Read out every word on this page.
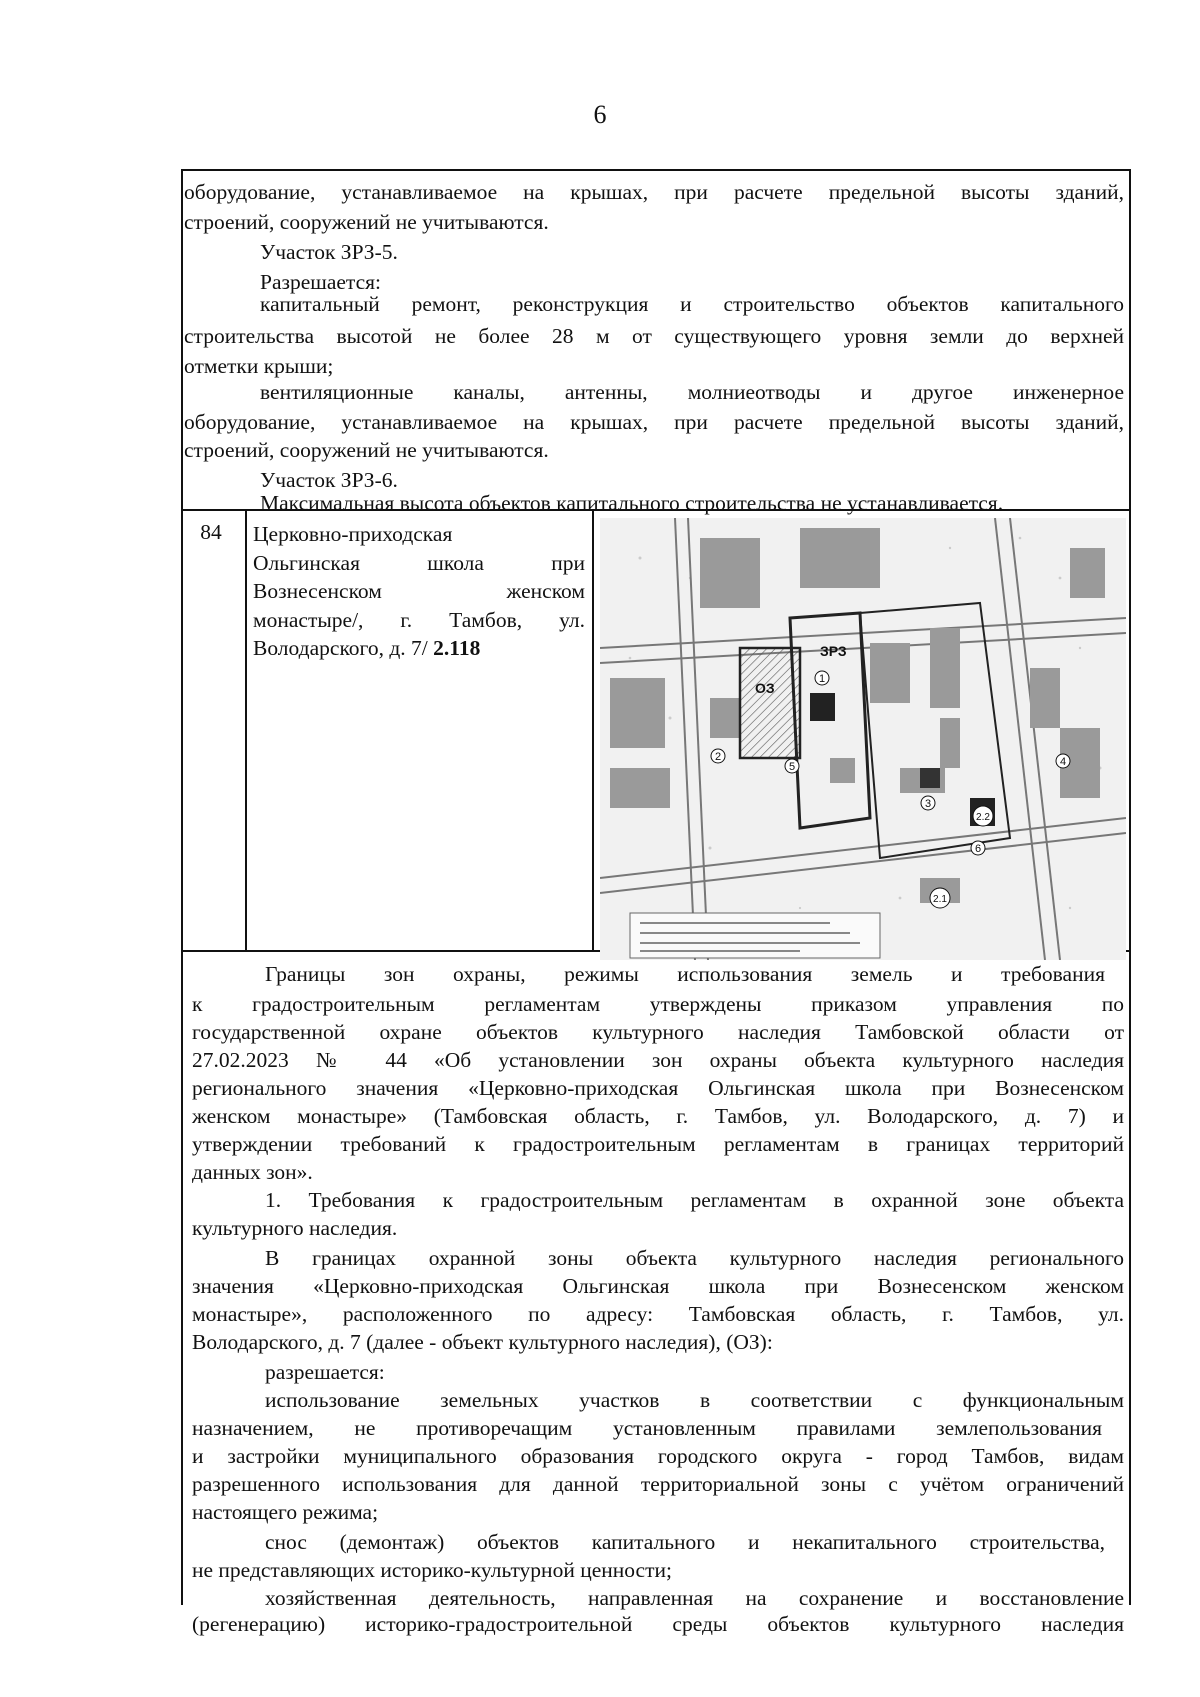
6

оборудование, устанавливаемое на крышах, при расчете предельной высоты зданий,

строений, сооружений не учитываются.

Участок ЗРЗ-5.

Разрешается:

капитальный ремонт, реконструкция и строительство объектов капитального

строительства высотой не более 28 м от существующего уровня земли до верхней

отметки крыши;

вентиляционные каналы, антенны, молниеотводы и другое инженерное

оборудование, устанавливаемое на крышах, при расчете предельной высоты зданий,

строений, сооружений не учитываются.

Участок ЗРЗ-6.

Максимальная высота объектов капитального строительства не устанавливается.

84	Церковно-приходская
Ольгинская школа при
Вознесенском женском
монастыре/, г. Тамбов, ул.
Володарского, д. 7/ 2.118
ОЗ
ЗРЗ
1
2
3
4
5
6
2.1
2.2

Границы зон охраны, режимы использования земель и требования

к градостроительным регламентам утверждены приказом управления по

государственной охране объектов культурного наследия Тамбовской области от

27.02.2023 № 44 «Об установлении зон охраны объекта культурного наследия

регионального значения «Церковно-приходская Ольгинская школа при Вознесенском

женском монастыре» (Тамбовская область, г. Тамбов, ул. Володарского, д. 7) и

утверждении требований к градостроительным регламентам в границах территорий

данных зон».

1. Требования к градостроительным регламентам в охранной зоне объекта

культурного наследия.

В границах охранной зоны объекта культурного наследия регионального

значения «Церковно-приходская Ольгинская школа при Вознесенском женском

монастыре», расположенного по адресу: Тамбовская область, г. Тамбов, ул.

Володарского, д. 7 (далее - объект культурного наследия), (ОЗ):

разрешается:

использование земельных участков в соответствии с функциональным

назначением, не противоречащим установленным правилами землепользования

и застройки муниципального образования городского округа - город Тамбов, видам

разрешенного использования для данной территориальной зоны с учётом ограничений

настоящего режима;

снос (демонтаж) объектов капитального и некапитального строительства,

не представляющих историко-культурной ценности;

хозяйственная деятельность, направленная на сохранение и восстановление

(регенерацию) историко-градостроительной среды объектов культурного наследия
